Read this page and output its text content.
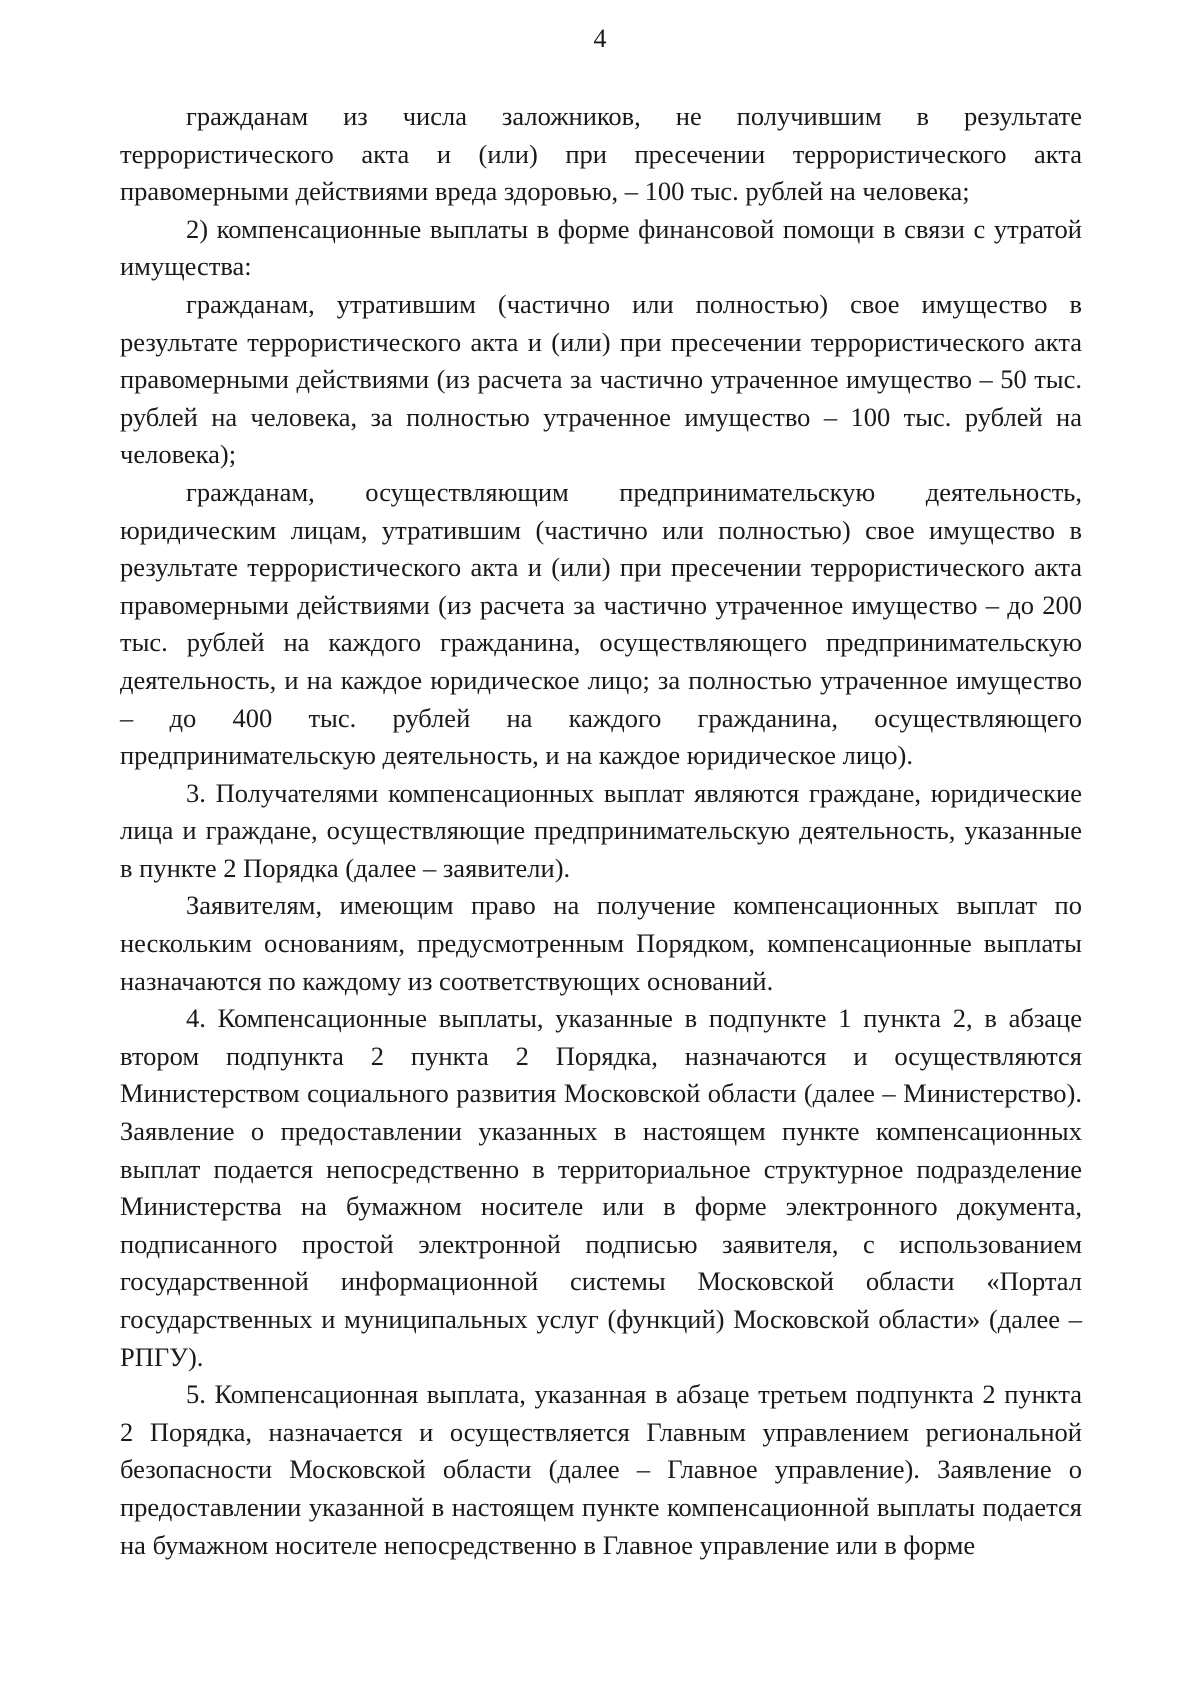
4

гражданам из числа заложников, не получившим в результате террористического акта и (или) при пресечении террористического акта правомерными действиями вреда здоровью, – 100 тыс. рублей на человека;

2) компенсационные выплаты в форме финансовой помощи в связи с утратой имущества:

гражданам, утратившим (частично или полностью) свое имущество в результате террористического акта и (или) при пресечении террористического акта правомерными действиями (из расчета за частично утраченное имущество – 50 тыс. рублей на человека, за полностью утраченное имущество – 100 тыс. рублей на человека);

гражданам, осуществляющим предпринимательскую деятельность, юридическим лицам, утратившим (частично или полностью) свое имущество в результате террористического акта и (или) при пресечении террористического акта правомерными действиями (из расчета за частично утраченное имущество – до 200 тыс. рублей на каждого гражданина, осуществляющего предпринимательскую деятельность, и на каждое юридическое лицо; за полностью утраченное имущество – до 400 тыс. рублей на каждого гражданина, осуществляющего предпринимательскую деятельность, и на каждое юридическое лицо).

3. Получателями компенсационных выплат являются граждане, юридические лица и граждане, осуществляющие предпринимательскую деятельность, указанные в пункте 2 Порядка (далее – заявители).

Заявителям, имеющим право на получение компенсационных выплат по нескольким основаниям, предусмотренным Порядком, компенсационные выплаты назначаются по каждому из соответствующих оснований.

4. Компенсационные выплаты, указанные в подпункте 1 пункта 2, в абзаце втором подпункта 2 пункта 2 Порядка, назначаются и осуществляются Министерством социального развития Московской области (далее – Министерство). Заявление о предоставлении указанных в настоящем пункте компенсационных выплат подается непосредственно в территориальное структурное подразделение Министерства на бумажном носителе или в форме электронного документа, подписанного простой электронной подписью заявителя, с использованием государственной информационной системы Московской области «Портал государственных и муниципальных услуг (функций) Московской области» (далее – РПГУ).

5. Компенсационная выплата, указанная в абзаце третьем подпункта 2 пункта 2 Порядка, назначается и осуществляется Главным управлением региональной безопасности Московской области (далее – Главное управление). Заявление о предоставлении указанной в настоящем пункте компенсационной выплаты подается на бумажном носителе непосредственно в Главное управление или в форме
